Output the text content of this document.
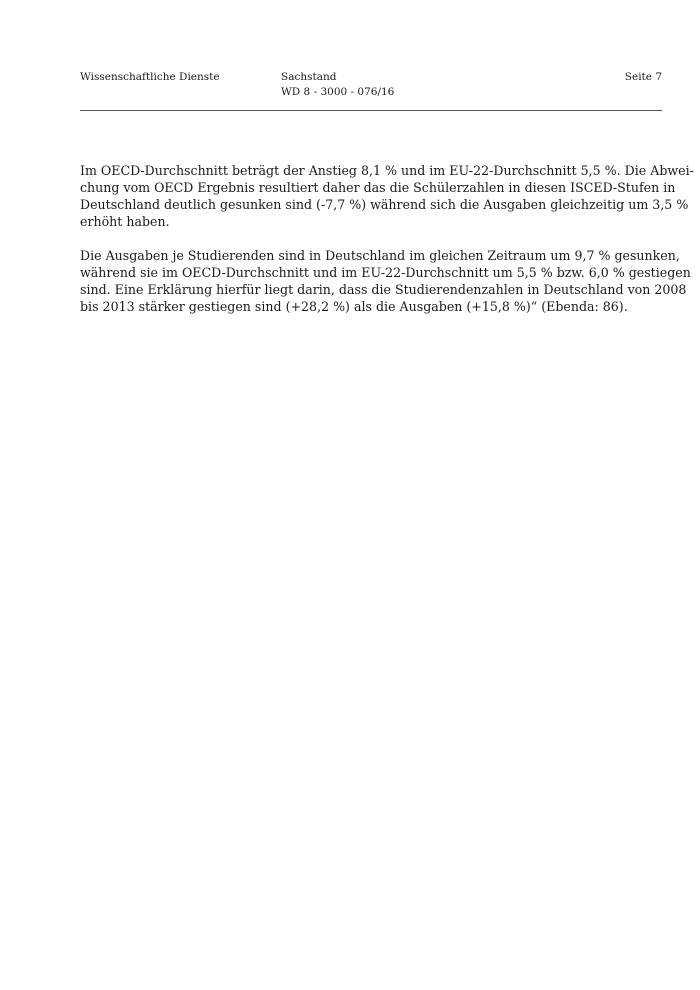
Wissenschaftliche Dienste	Sachstand
WD 8 - 3000 - 076/16
Seite 7

Im OECD-Durchschnitt beträgt der Anstieg 8,1 % und im EU-22-Durchschnitt 5,5 %. Die Abwei-
chung vom OECD Ergebnis resultiert daher das die Schülerzahlen in diesen ISCED-Stufen in
Deutschland deutlich gesunken sind (-7,7 %) während sich die Ausgaben gleichzeitig um 3,5 %
erhöht haben.

Die Ausgaben je Studierenden sind in Deutschland im gleichen Zeitraum um 9,7 % gesunken,
während sie im OECD-Durchschnitt und im EU-22-Durchschnitt um 5,5 % bzw. 6,0 % gestiegen
sind. Eine Erklärung hierfür liegt darin, dass die Studierendenzahlen in Deutschland von 2008
bis 2013 stärker gestiegen sind (+28,2 %) als die Ausgaben (+15,8 %)“ (Ebenda: 86).
